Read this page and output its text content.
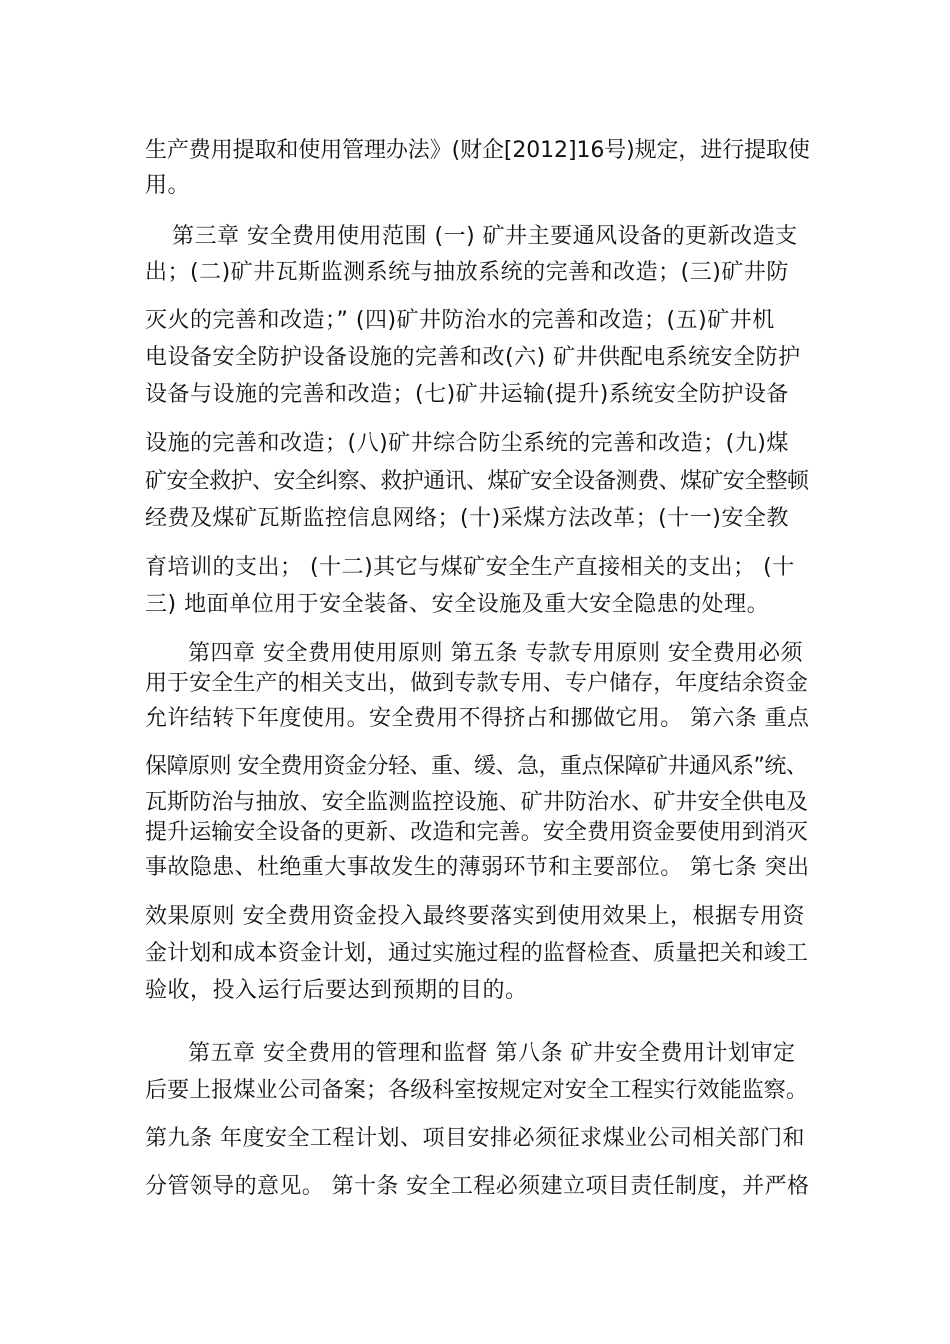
生产费用提取和使用管理办法》(财企[2012]16号)规定，进行提取使
用。
第三章 安全费用使用范围 (一) 矿井主要通风设备的更新改造支
出；(二)矿井瓦斯监测系统与抽放系统的完善和改造；(三)矿井防
灭火的完善和改造；” (四)矿井防治水的完善和改造；(五)矿井机
电设备安全防护设备设施的完善和改(六) 矿井供配电系统安全防护
设备与设施的完善和改造；(七)矿井运输(提升)系统安全防护设备
设施的完善和改造；(八)矿井综合防尘系统的完善和改造；(九)煤
矿安全救护、安全纠察、救护通讯、煤矿安全设备测费、煤矿安全整顿
经费及煤矿瓦斯监控信息网络；(十)采煤方法改革；(十一)安全教
育培训的支出； (十二)其它与煤矿安全生产直接相关的支出； (十
三) 地面单位用于安全装备、安全设施及重大安全隐患的处理。
第四章 安全费用使用原则 第五条 专款专用原则 安全费用必须
用于安全生产的相关支出，做到专款专用、专户储存，年度结余资金
允许结转下年度使用。安全费用不得挤占和挪做它用。 第六条 重点
保障原则 安全费用资金分轻、重、缓、急，重点保障矿井通风系”统、
瓦斯防治与抽放、安全监测监控设施、矿井防治水、矿井安全供电及
提升运输安全设备的更新、改造和完善。安全费用资金要使用到消灭
事故隐患、杜绝重大事故发生的薄弱环节和主要部位。 第七条 突出
效果原则 安全费用资金投入最终要落实到使用效果上，根据专用资
金计划和成本资金计划，通过实施过程的监督检查、质量把关和竣工
验收，投入运行后要达到预期的目的。
第五章 安全费用的管理和监督 第八条 矿井安全费用计划审定
后要上报煤业公司备案；各级科室按规定对安全工程实行效能监察。
第九条 年度安全工程计划、项目安排必须征求煤业公司相关部门和
分管领导的意见。 第十条 安全工程必须建立项目责任制度，并严格
